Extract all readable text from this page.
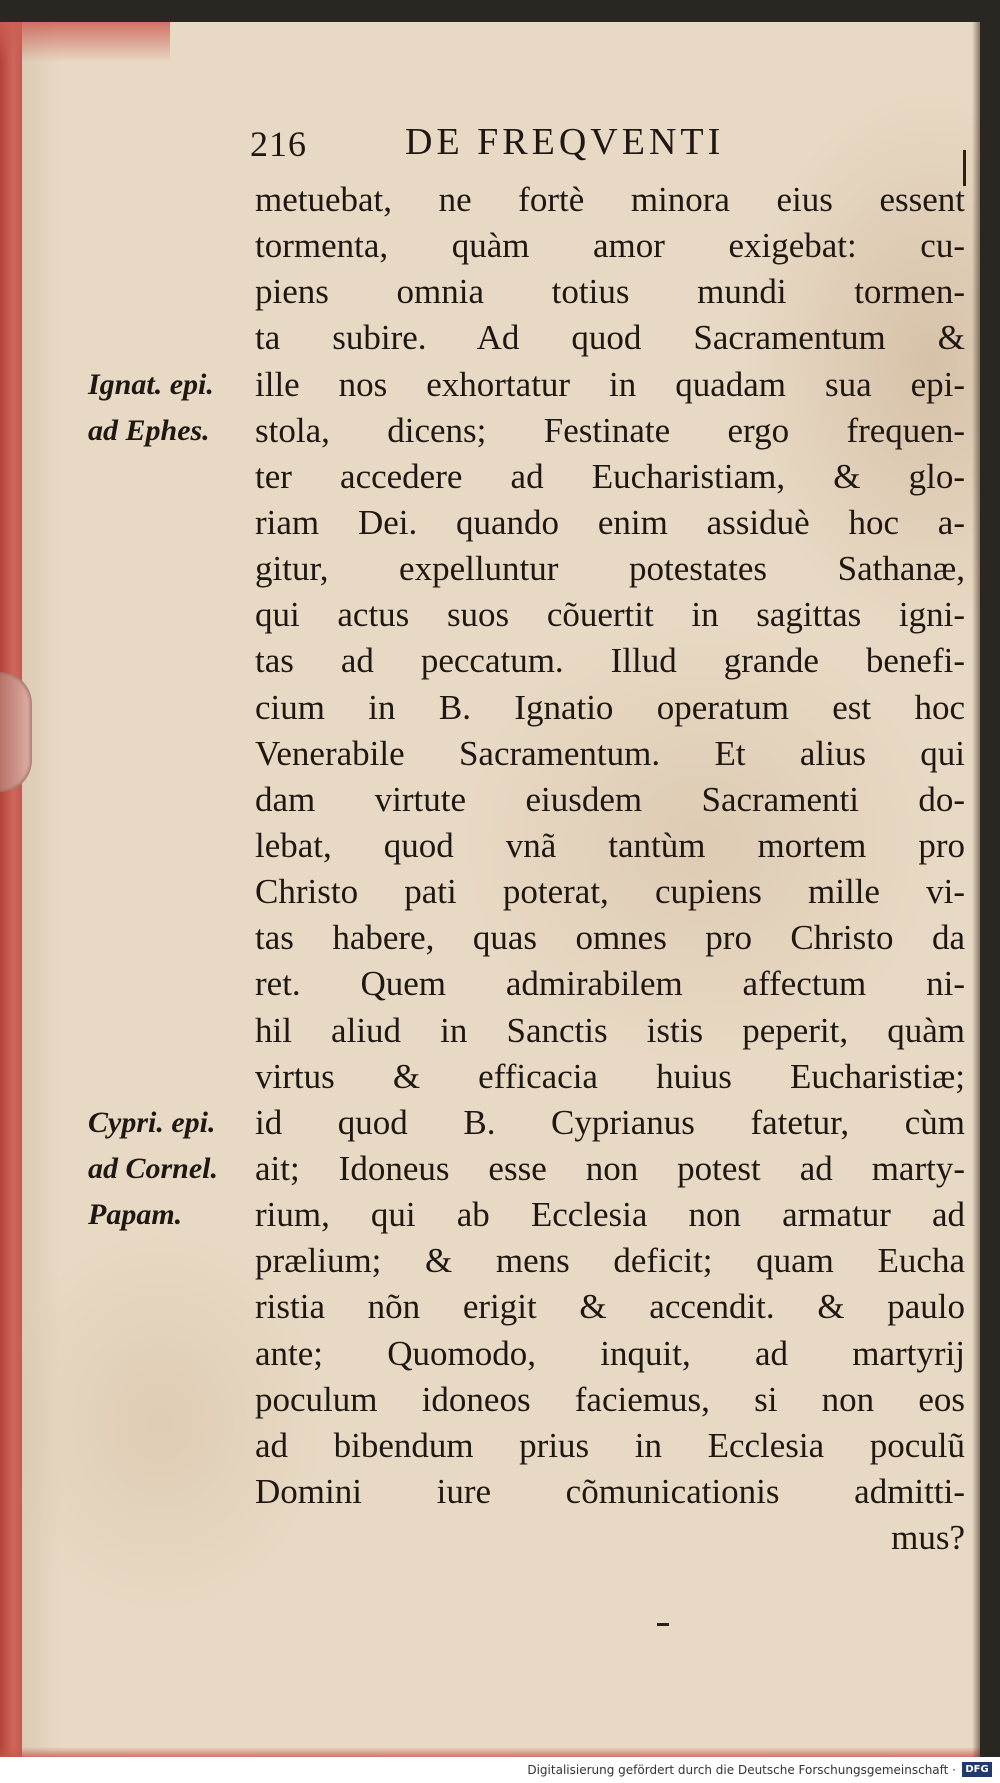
216	DE FREQVENTI
Ignat. epi.
ad Ephes.
Cypri. epi.
ad Cornel.
Papam.
metuebat, ne fortè minora eius essent
tormenta, quàm amor exigebat: cu-
piens omnia totius mundi tormen-
ta subire. Ad quod Sacramentum &
ille nos exhortatur in quadam sua epi-
stola, dicens; Festinate ergo frequen-
ter accedere ad Eucharistiam, & glo-
riam Dei. quando enim assiduè hoc a-
gitur, expelluntur potestates Sathanæ,
qui actus suos cõuertit in sagittas igni-
tas ad peccatum. Illud grande benefi-
cium in B. Ignatio operatum est hoc
Venerabile Sacramentum. Et alius qui
dam virtute eiusdem Sacramenti do-
lebat, quod vnã tantùm mortem pro
Christo pati poterat, cupiens mille vi-
tas habere, quas omnes pro Christo da
ret. Quem admirabilem affectum ni-
hil aliud in Sanctis istis peperit, quàm
virtus & efficacia huius Eucharistiæ;
id quod B. Cyprianus fatetur, cùm
ait; Idoneus esse non potest ad marty-
rium, qui ab Ecclesia non armatur ad
prælium; & mens deficit; quam Eucha
ristia nõn erigit & accendit. & paulo
ante; Quomodo, inquit, ad martyrij
poculum idoneos faciemus, si non eos
ad bibendum prius in Ecclesia poculũ
Domini iure cõmunicationis admitti-
mus?
Digitalisierung gefördert durch die Deutsche Forschungsgemeinschaft · DFG
